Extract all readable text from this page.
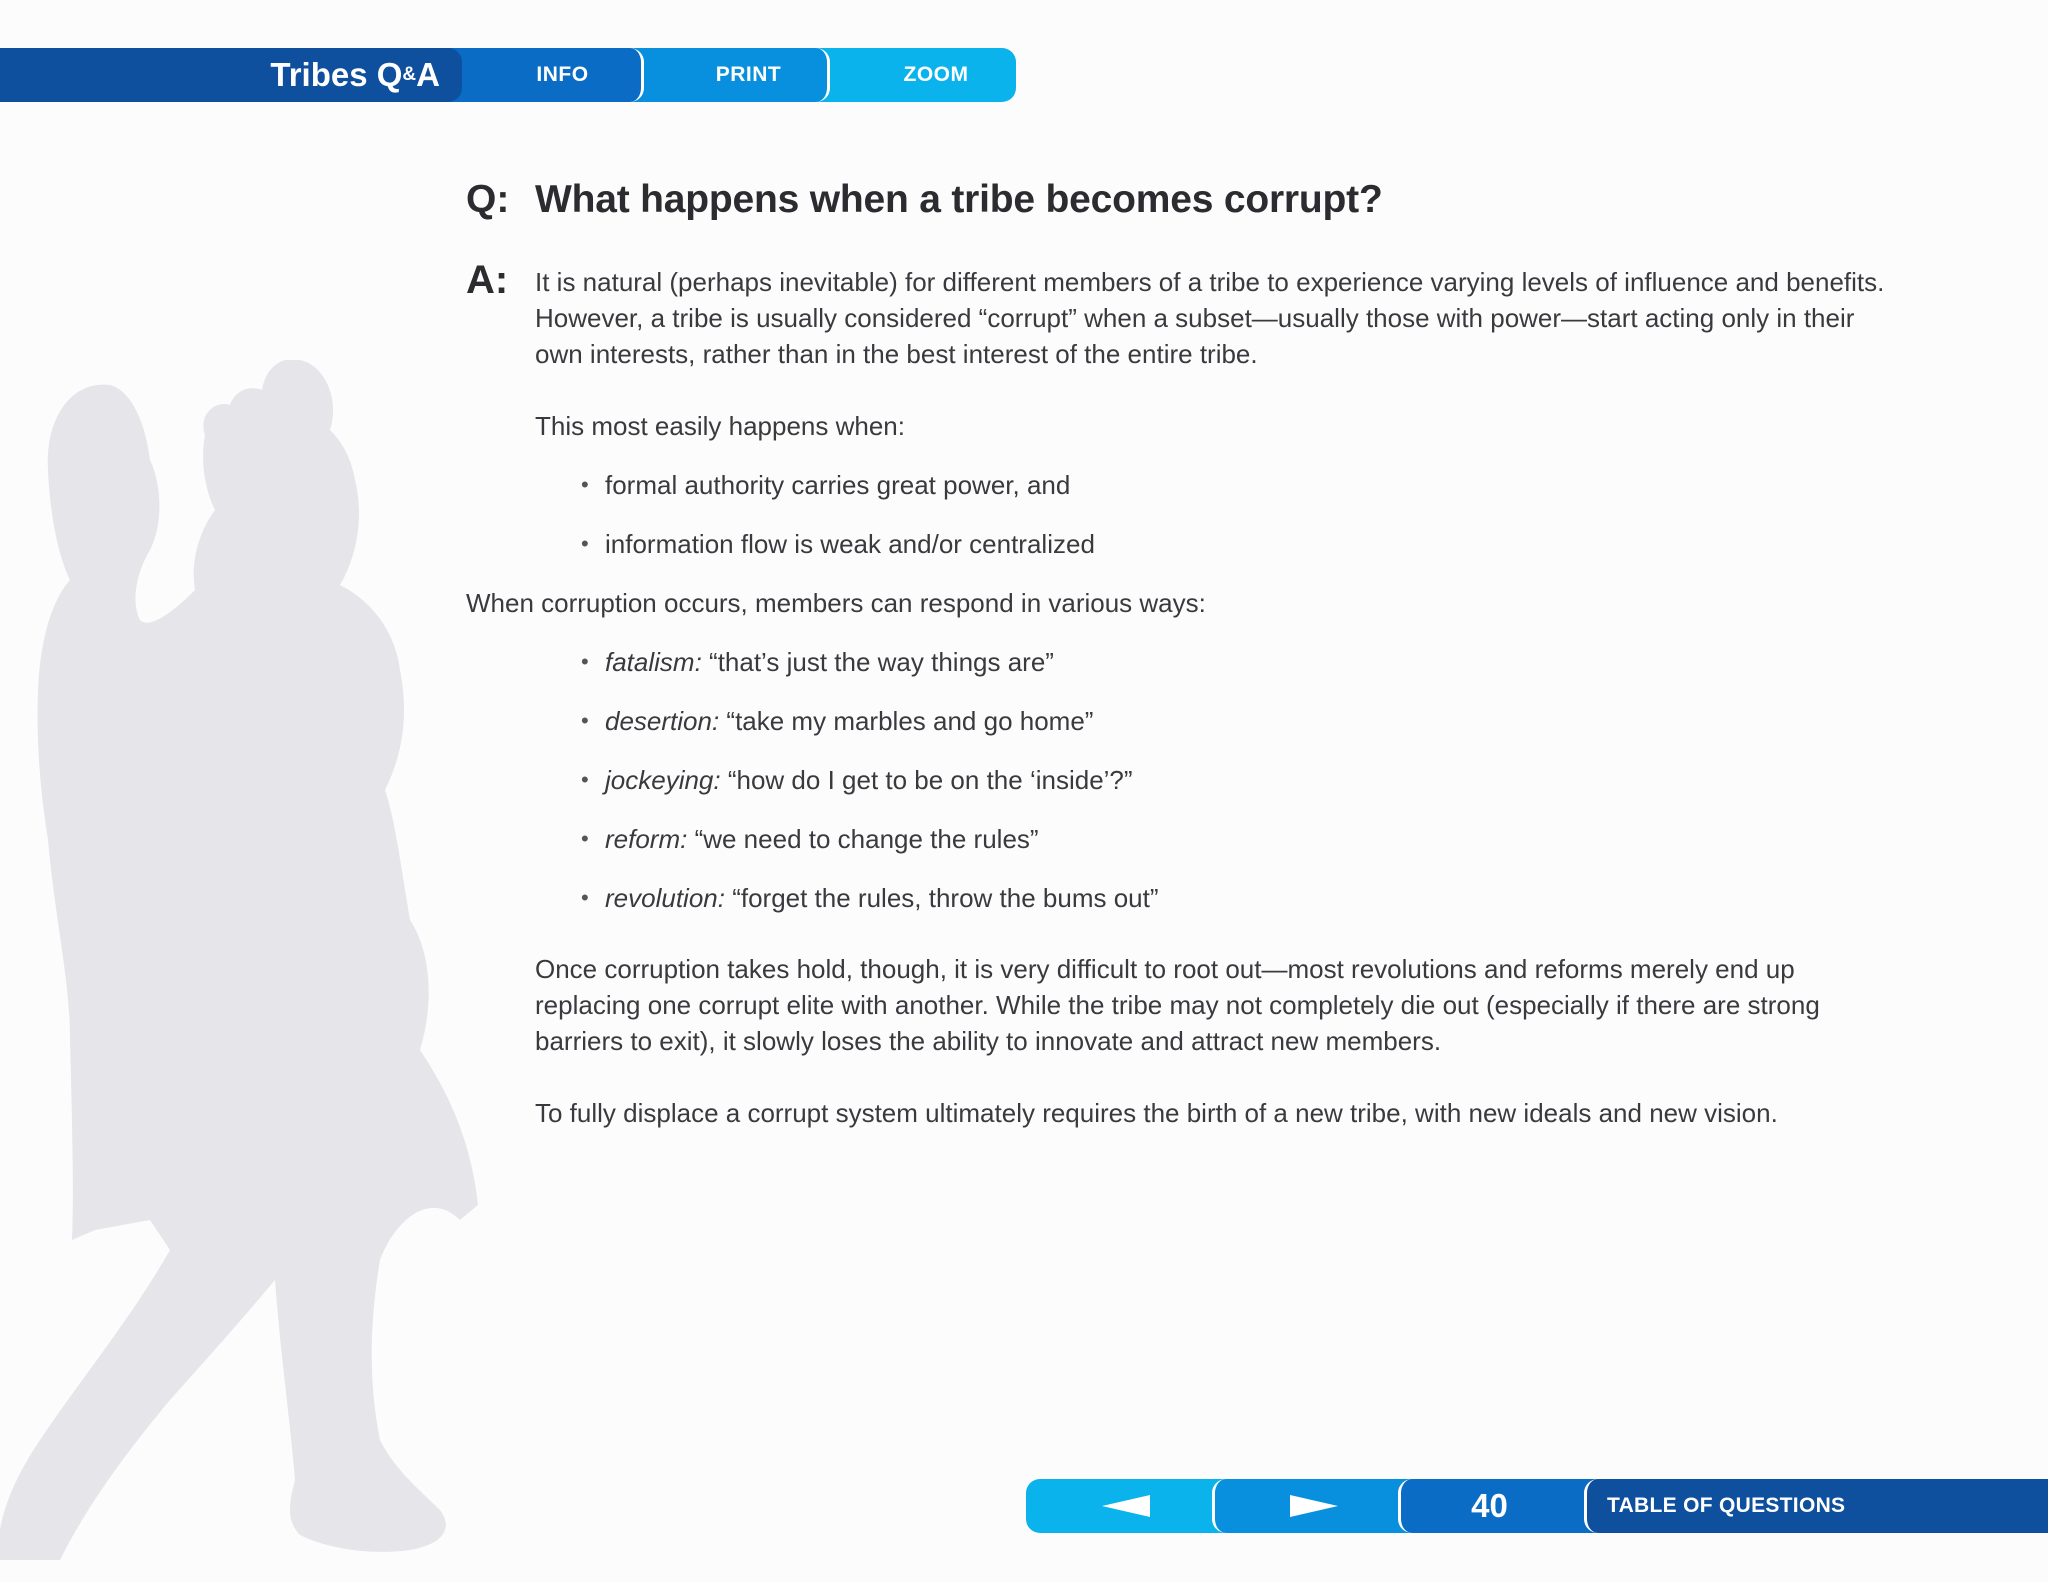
Tribes Q & A	INFO	PRINT	ZOOM
Q: What happens when a tribe becomes corrupt?
A:	It is natural (perhaps inevitable) for different members of a tribe to experience varying levels of influence and benefits. However, a tribe is usually considered “corrupt” when a subset—usually those with power—start acting only in their own interests, rather than in the best interest of the entire tribe.

This most easily happens when:

• formal authority carries great power, and
• information flow is weak and/or centralized
When corruption occurs, members can respond in various ways:
• fatalism: “that’s just the way things are”
• desertion: “take my marbles and go home”
• jockeying: “how do I get to be on the ‘inside’?”
• reform: “we need to change the rules”
• revolution: “forget the rules, throw the bums out”

Once corruption takes hold, though, it is very difficult to root out—most revolutions and reforms merely end up replacing one corrupt elite with another. While the tribe may not completely die out (especially if there are strong barriers to exit), it slowly loses the ability to innovate and attract new members.

To fully displace a corrupt system ultimately requires the birth of a new tribe, with new ideals and new vision.

40	TABLE OF QUESTIONS
